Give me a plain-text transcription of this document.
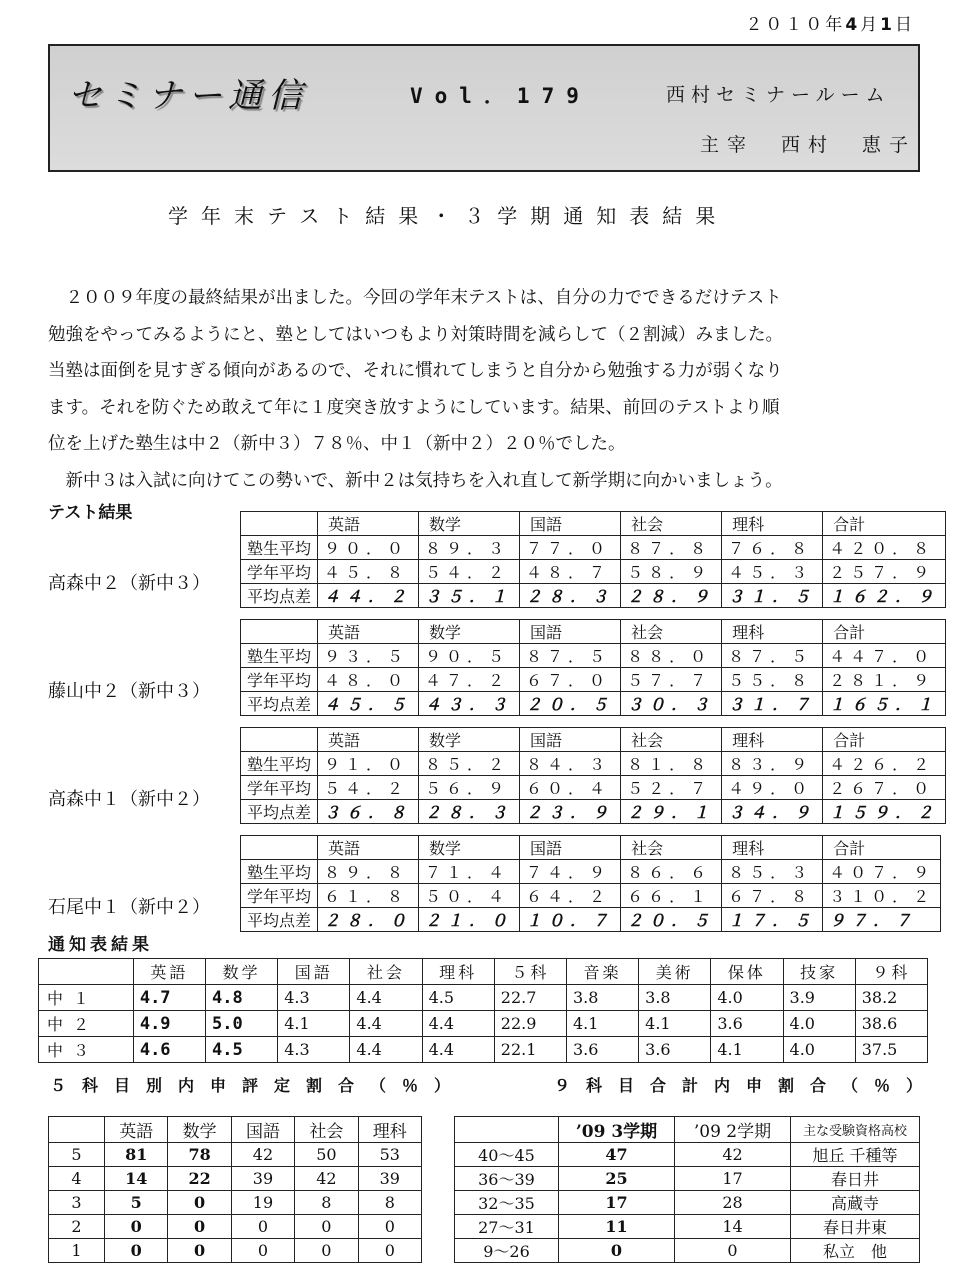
２０１０年4月1日
セミナー通信	Vol．179	西村セミナールーム
主宰　西村　恵子
学年末テスト結果・３学期通知表結果

　２００９年度の最終結果が出ました。今回の学年末テストは、自分の力でできるだけテスト

勉強をやってみるようにと、塾としてはいつもより対策時間を減らして（２割減）みました。

当塾は面倒を見すぎる傾向があるので、それに慣れてしまうと自分から勉強する力が弱くなり

ます。それを防ぐため敢えて年に１度突き放すようにしています。結果、前回のテストより順

位を上げた塾生は中２（新中３）７８％、中１（新中２）２０％でした。

　新中３は入試に向けてこの勢いで、新中２は気持ちを入れ直して新学期に向かいましょう。

テスト結果
高森中２（新中３）
	英語	数学	国語	社会	理科	合計
塾生平均	９０．０	８９．３	７７．０	８７．８	７６．８	４２０．８
学年平均	４５．８	５４．２	４８．７	５８．９	４５．３	２５７．９
平均点差	４４．２	３５．１	２８．３	２８．９	３１．５	１６２．９
藤山中２（新中３）
	英語	数学	国語	社会	理科	合計
塾生平均	９３．５	９０．５	８７．５	８８．０	８７．５	４４７．０
学年平均	４８．０	４７．２	６７．０	５７．７	５５．８	２８１．９
平均点差	４５．５	４３．３	２０．５	３０．３	３１．７	１６５．１
高森中１（新中２）
	英語	数学	国語	社会	理科	合計
塾生平均	９１．０	８５．２	８４．３	８１．８	８３．９	４２６．２
学年平均	５４．２	５６．９	６０．４	５２．７	４９．０	２６７．０
平均点差	３６．８	２８．３	２３．９	２９．１	３４．９	１５９．２
石尾中１（新中２）
	英語	数学	国語	社会	理科	合計
塾生平均	８９．８	７１．４	７４．９	８６．６	８５．３	４０７．９
学年平均	６１．８	５０．４	６４．２	６６．１	６７．８	３１０．２
平均点差	２８．０	２１．０	１０．７	２０．５	１７．５	９７．７
通知表結果
	英語	数学	国語	社会	理科	５科	音楽	美術	保体	技家	９科
中１	4.7	4.8	4.3	4.4	4.5	22.7	3.8	3.8	4.0	3.9	38.2
中２	4.9	5.0	4.1	4.4	4.4	22.9	4.1	4.1	3.6	4.0	38.6
中３	4.6	4.5	4.3	4.4	4.4	22.1	3.6	3.6	4.1	4.0	37.5
５科目別内申評定割合（％）	９科目合計内申割合（％）
	英語	数学	国語	社会	理科
5	81	78	42	50	53
4	14	22	39	42	39
3	5	0	19	8	8
2	0	0	0	0	0
1	0	0	0	0	0
	’09 3学期	’09 2学期	主な受験資格高校
40～45	47	42	旭丘 千種等
36～39	25	17	春日井
32～35	17	28	高蔵寺
27～31	11	14	春日井東
9～26	0	0	私立　他
